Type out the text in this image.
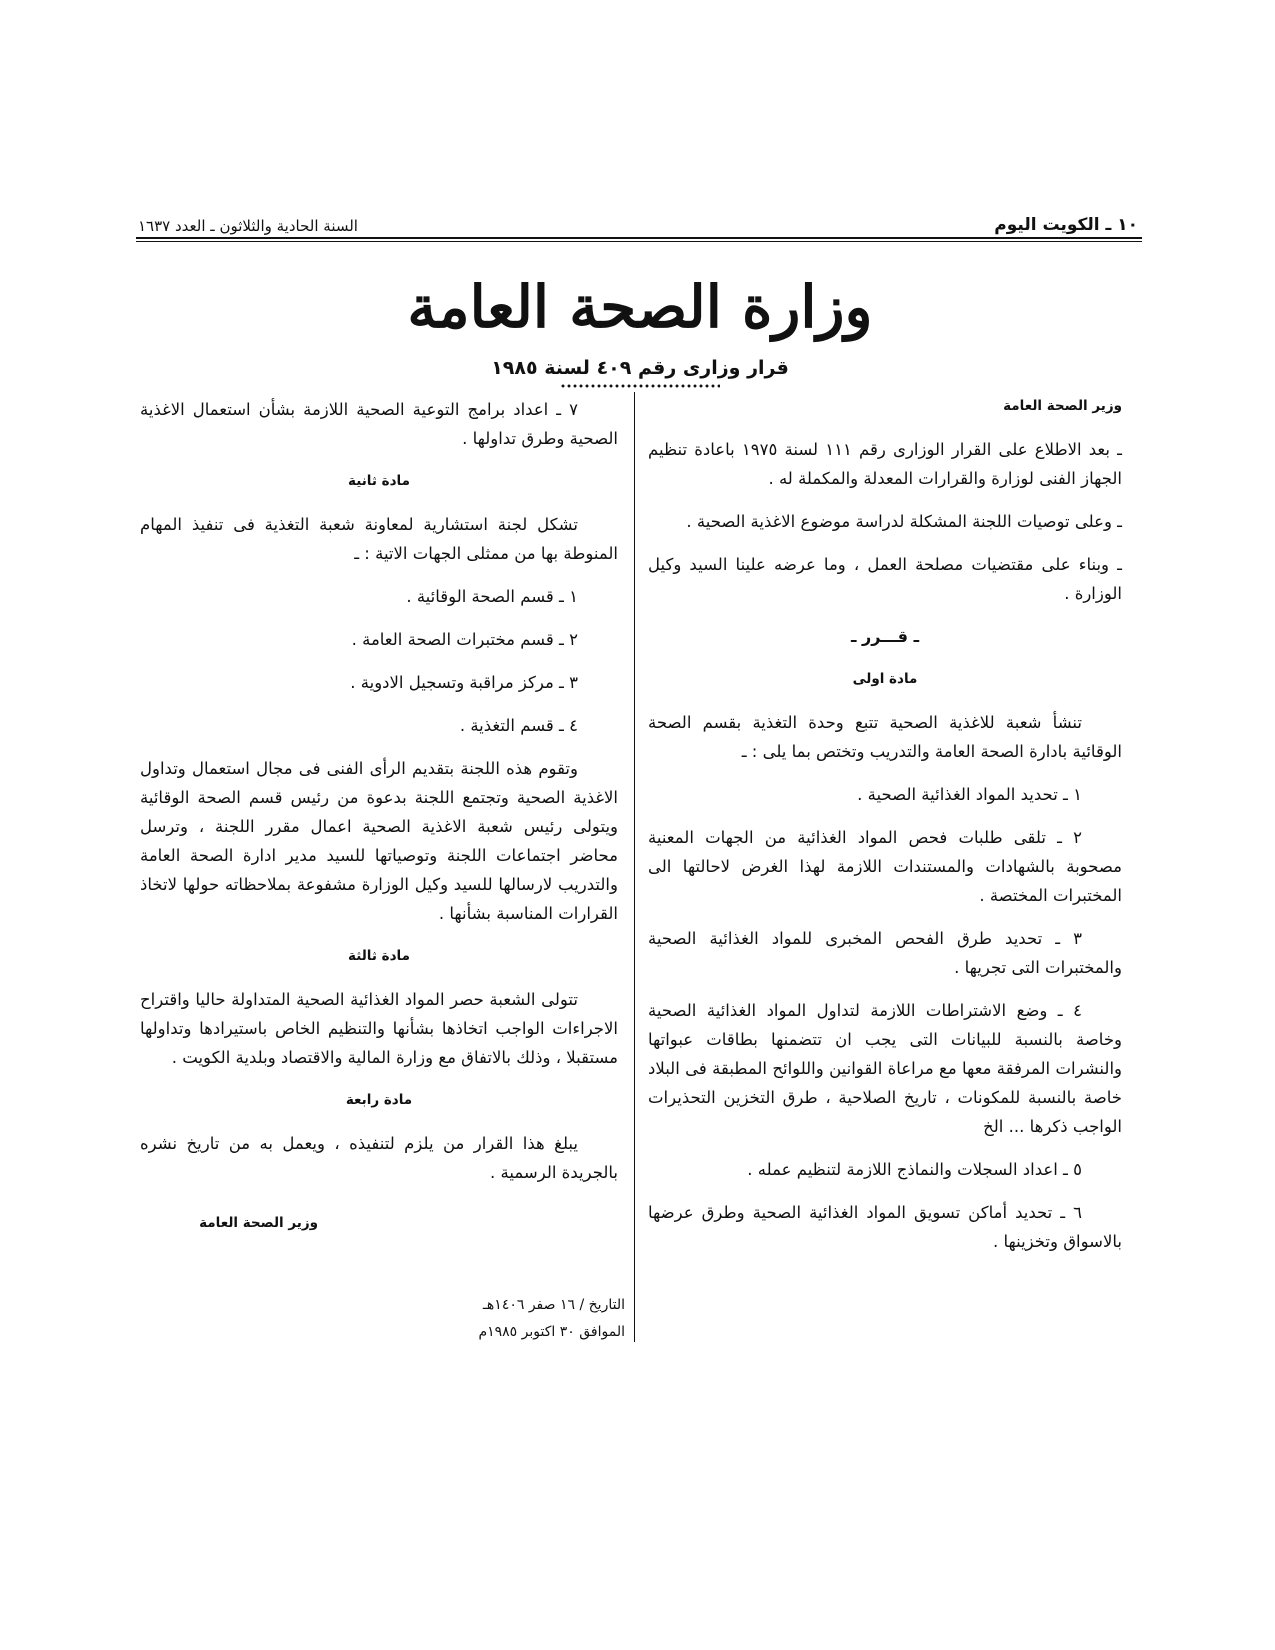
١٠ ـ الكويت اليوم
السنة الحادية والثلاثون ـ العدد ١٦٣٧
وزارة الصحة العامة
قرار وزارى رقم ٤٠٩ لسنة ١٩٨٥
وزير الصحة العامة

ـ بعد الاطلاع على القرار الوزارى رقم ١١١ لسنة ١٩٧٥ باعادة تنظيم الجهاز الفنى لوزارة والقرارات المعدلة والمكملة له .

ـ وعلى توصيات اللجنة المشكلة لدراسة موضوع الاغذية الصحية .

ـ وبناء على مقتضيات مصلحة العمل ، وما عرضه علينا السيد وكيل الوزارة .

ـ قـــرر ـ
مادة اولى

تنشأ شعبة للاغذية الصحية تتبع وحدة التغذية بقسم الصحة الوقائية بادارة الصحة العامة والتدريب وتختص بما يلى : ـ

١ ـ تحديد المواد الغذائية الصحية .

٢ ـ تلقى طلبات فحص المواد الغذائية من الجهات المعنية مصحوبة بالشهادات والمستندات اللازمة لهذا الغرض لاحالتها الى المختبرات المختصة .

٣ ـ تحديد طرق الفحص المخبرى للمواد الغذائية الصحية والمختبرات التى تجريها .

٤ ـ وضع الاشتراطات اللازمة لتداول المواد الغذائية الصحية وخاصة بالنسبة للبيانات التى يجب ان تتضمنها بطاقات عبواتها والنشرات المرفقة معها مع مراعاة القوانين واللوائح المطبقة فى البلاد خاصة بالنسبة للمكونات ، تاريخ الصلاحية ، طرق التخزين التحذيرات الواجب ذكرها ... الخ

٥ ـ اعداد السجلات والنماذج اللازمة لتنظيم عمله .

٦ ـ تحديد أماكن تسويق المواد الغذائية الصحية وطرق عرضها بالاسواق وتخزينها .

٧ ـ اعداد برامج التوعية الصحية اللازمة بشأن استعمال الاغذية الصحية وطرق تداولها .

مادة ثانية

تشكل لجنة استشارية لمعاونة شعبة التغذية فى تنفيذ المهام المنوطة بها من ممثلى الجهات الاتية : ـ

١ ـ قسم الصحة الوقائية .

٢ ـ قسم مختبرات الصحة العامة .

٣ ـ مركز مراقبة وتسجيل الادوية .

٤ ـ قسم التغذية .

وتقوم هذه اللجنة بتقديم الرأى الفنى فى مجال استعمال وتداول الاغذية الصحية وتجتمع اللجنة بدعوة من رئيس قسم الصحة الوقائية ويتولى رئيس شعبة الاغذية الصحية اعمال مقرر اللجنة ، وترسل محاضر اجتماعات اللجنة وتوصياتها للسيد مدير ادارة الصحة العامة والتدريب لارسالها للسيد وكيل الوزارة مشفوعة بملاحظاته حولها لاتخاذ القرارات المناسبة بشأنها .

مادة ثالثة

تتولى الشعبة حصر المواد الغذائية الصحية المتداولة حاليا واقتراح الاجراءات الواجب اتخاذها بشأنها والتنظيم الخاص باستيرادها وتداولها مستقبلا ، وذلك بالاتفاق مع وزارة المالية والاقتصاد وبلدية الكويت .

مادة رابعة

يبلغ هذا القرار من يلزم لتنفيذه ، ويعمل به من تاريخ نشره بالجريدة الرسمية .

وزير الصحة العامة
التاريخ / ١٦ صفر ١٤٠٦هـ
الموافق ٣٠ اكتوبر ١٩٨٥م
